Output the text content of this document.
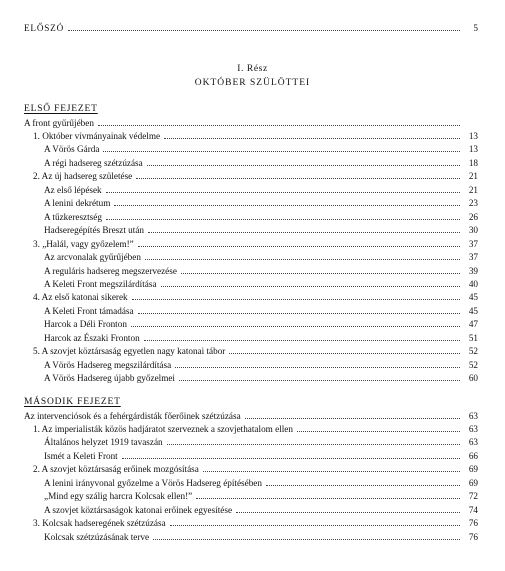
ELŐSZÓ	5
I. Rész
OKTÓBER SZÜLÖTTEI
ELSŐ FEJEZET
A front gyűrűjében
1. Október vívmányainak védelme	13
A Vörös Gárda	13
A régi hadsereg szétzúzása	18
2. Az új hadsereg születése	21
Az első lépések	21
A lenini dekrétum	23
A tűzkeresztség	26
Hadseregépítés Breszt után	30
3. „Halál, vagy győzelem!”	37
Az arcvonalak gyűrűjében	37
A reguláris hadsereg megszervezése	39
A Keleti Front megszilárdítása	40
4. Az első katonai sikerek	45
A Keleti Front támadása	45
Harcok a Déli Fronton	47
Harcok az Északi Fronton	51
5. A szovjet köztársaság egyetlen nagy katonai tábor	52
A Vörös Hadsereg megszilárdítása	52
A Vörös Hadsereg újabb győzelmei	60
MÁSODIK FEJEZET
Az intervenciósok és a fehérgárdisták főerőinek szétzúzása	63
1. Az imperialisták közös hadjáratot szerveznek a szovjethatalom ellen	63
Általános helyzet 1919 tavaszán	63
Ismét a Keleti Front	66
2. A szovjet köztársaság erőinek mozgósítása	69
A lenini irányvonal győzelme a Vörös Hadsereg építésében	69
„Mind egy szálig harcra Kolcsak ellen!”	72
A szovjet köztársaságok katonai erőinek egyesítése	74
3. Kolcsak hadseregének szétzúzása	76
Kolcsak szétzúzásának terve	76
